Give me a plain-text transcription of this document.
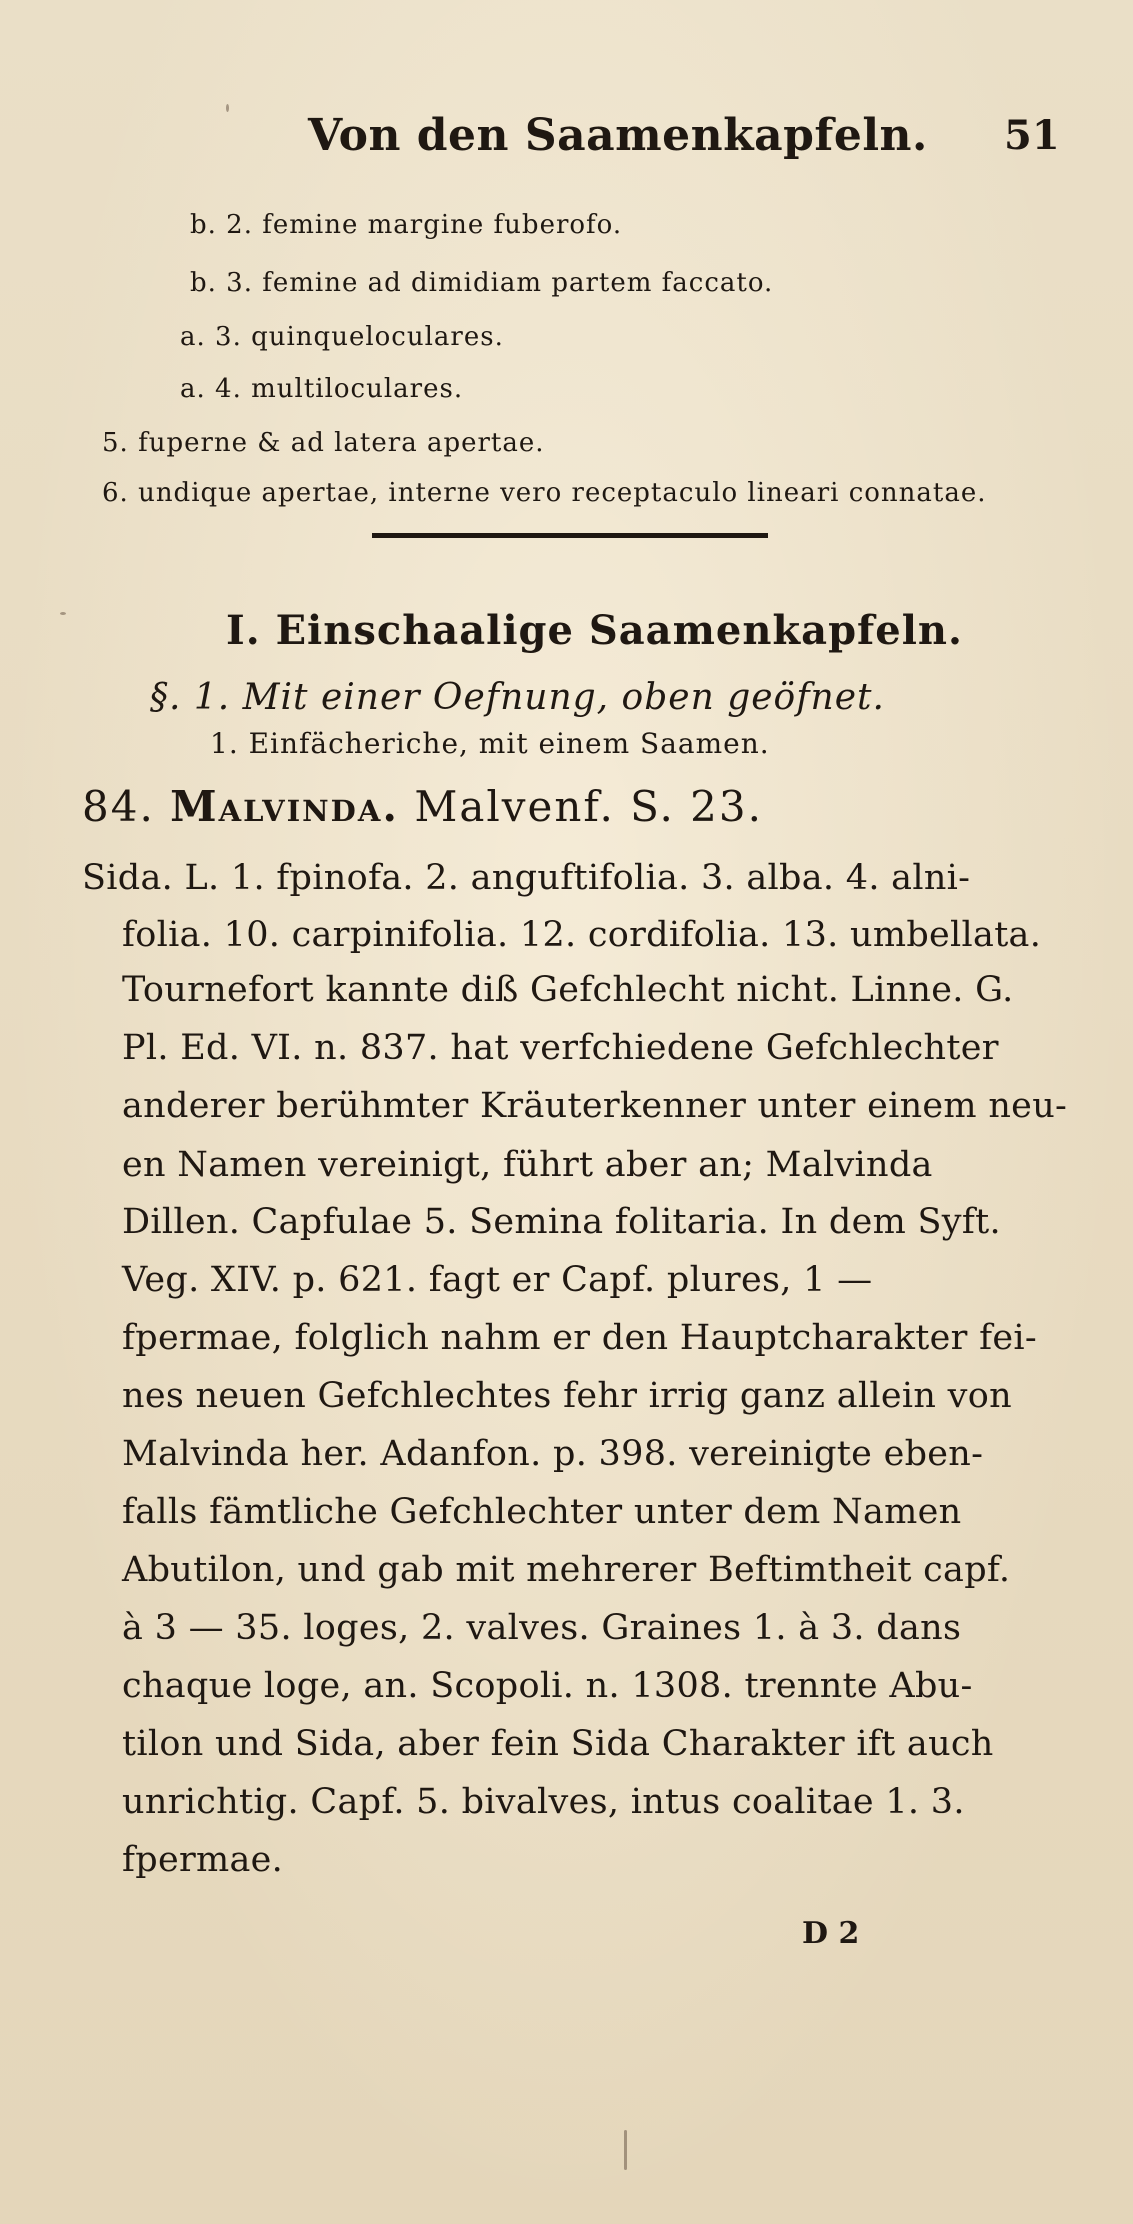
Von den Saamenkapfeln. 51
b. 2. femine margine fuberofo.
b. 3. femine ad dimidiam partem faccato.
a. 3. quinqueloculares.
a. 4. multiloculares.
5. fuperne & ad latera apertae.
6. undique apertae, interne vero receptaculo lineari connatae.
I. Einschaalige Saamenkapfeln.
§. 1. Mit einer Oefnung, oben geöfnet.
1. Einfächeriche, mit einem Saamen.
84. Malvinda. Malvenf. S. 23.
Sida. L. 1. fpinofa. 2. anguftifolia. 3. alba. 4. alni-
folia. 10. carpinifolia. 12. cordifolia. 13. umbellata.
Tournefort kannte diß Gefchlecht nicht. Linne. G.
Pl. Ed. VI. n. 837. hat verfchiedene Gefchlechter
anderer berühmter Kräuterkenner unter einem neu-
en Namen vereinigt, führt aber an; Malvinda
Dillen. Capfulae 5. Semina folitaria. In dem Syft.
Veg. XIV. p. 621. fagt er Capf. plures, 1 —
fpermae, folglich nahm er den Hauptcharakter fei-
nes neuen Gefchlechtes fehr irrig ganz allein von
Malvinda her. Adanfon. p. 398. vereinigte eben-
falls fämtliche Gefchlechter unter dem Namen
Abutilon, und gab mit mehrerer Beftimtheit capf.
à 3 — 35. loges, 2. valves. Graines 1. à 3. dans
chaque loge, an. Scopoli. n. 1308. trennte Abu-
tilon und Sida, aber fein Sida Charakter ift auch
unrichtig. Capf. 5. bivalves, intus coalitae 1. 3.
fpermae.
D 2
